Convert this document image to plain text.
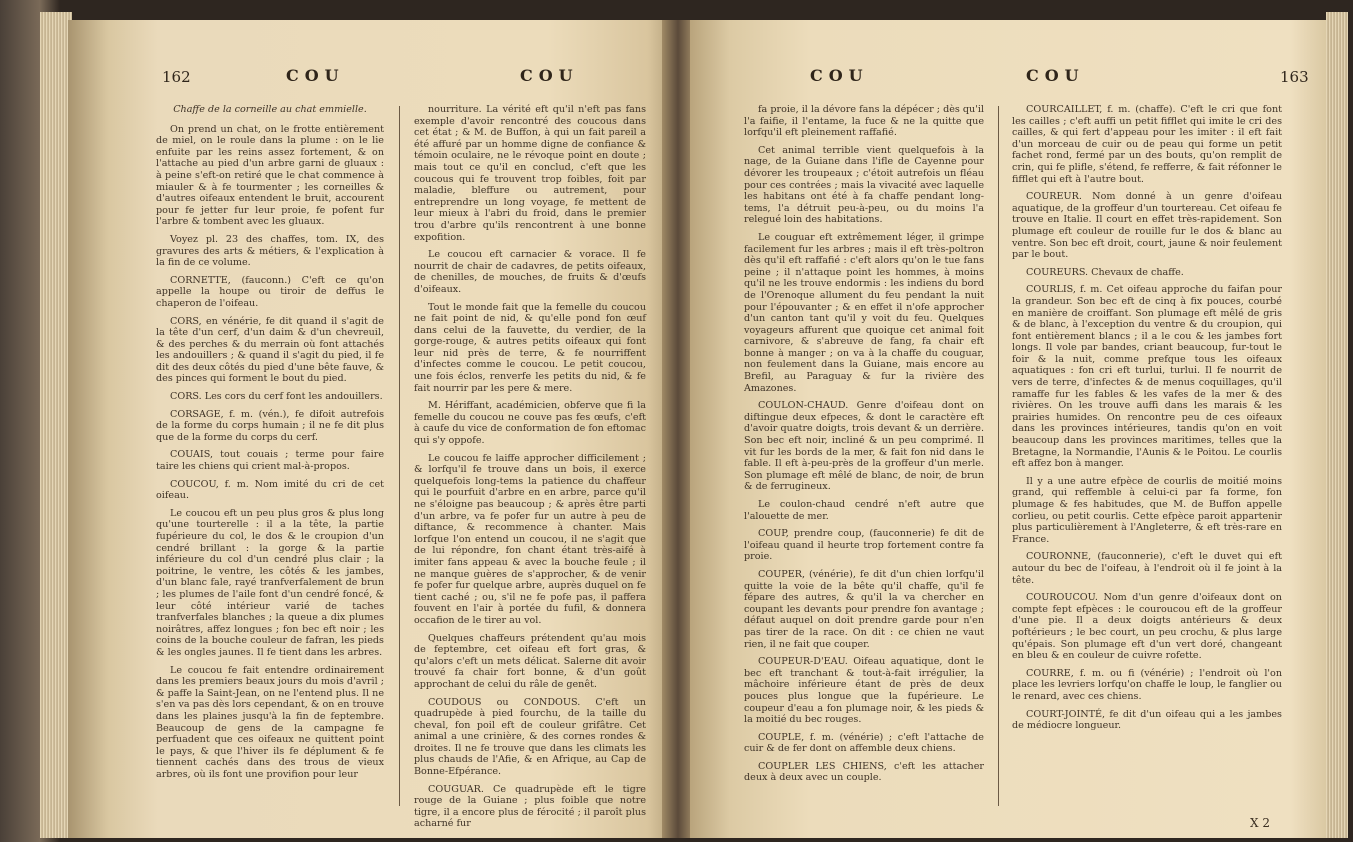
162	COU	COU

Chaffe de la corneille au chat emmielle.

On prend un chat, on le frotte entièrement de miel, on le roule dans la plume : on le lie enfuite par les reins assez fortement, & on l'attache au pied d'un arbre garni de gluaux : à peine s'eft-on retiré que le chat commence à miauler & à fe tourmenter ; les corneilles & d'autres oifeaux entendent le bruit, accourent pour fe jetter fur leur proie, fe pofent fur l'arbre & tombent avec les gluaux.

Voyez pl. 23 des chaffes, tom. IX, des gravures des arts & métiers, & l'explication à la fin de ce volume.

CORNETTE, (fauconn.) C'eft ce qu'on appelle la houpe ou tiroir de deffus le chaperon de l'oifeau.

CORS, en vénérie, fe dit quand il s'agit de la tête d'un cerf, d'un daim & d'un chevreuil, & des perches & du merrain où font attachés les andouillers ; & quand il s'agit du pied, il fe dit des deux côtés du pied d'une bête fauve, & des pinces qui forment le bout du pied.

CORS. Les cors du cerf font les andouillers.

CORSAGE, f. m. (vén.), fe difoit autrefois de la forme du corps humain ; il ne fe dit plus que de la forme du corps du cerf.

COUAIS, tout couais ; terme pour faire taire les chiens qui crient mal-à-propos.

COUCOU, f. m. Nom imité du cri de cet oifeau.

Le coucou eft un peu plus gros & plus long qu'une tourterelle : il a la tête, la partie fupérieure du col, le dos & le croupion d'un cendré brillant : la gorge & la partie inférieure du col d'un cendré plus clair ; la poitrine, le ventre, les côtés & les jambes, d'un blanc fale, rayé tranfverfalement de brun ; les plumes de l'aile font d'un cendré foncé, & leur côté intérieur varié de taches tranfverfales blanches ; la queue a dix plumes noirâtres, affez longues ; fon bec eft noir ; les coins de la bouche couleur de fafran, les pieds & les ongles jaunes. Il fe tient dans les arbres.

Le coucou fe fait entendre ordinairement dans les premiers beaux jours du mois d'avril ; & paffe la Saint-Jean, on ne l'entend plus. Il ne s'en va pas dès lors cependant, & on en trouve dans les plaines jusqu'à la fin de feptembre. Beaucoup de gens de la campagne fe perfuadent que ces oifeaux ne quittent point le pays, & que l'hiver ils fe déplument & fe tiennent cachés dans des trous de vieux arbres, où ils font une provifion pour leur

nourriture. La vérité eft qu'il n'eft pas fans exemple d'avoir rencontré des coucous dans cet état ; & M. de Buffon, à qui un fait pareil a été affuré par un homme digne de confiance & témoin oculaire, ne le révoque point en doute ; mais tout ce qu'il en conclud, c'eft que les coucous qui fe trouvent trop foibles, foit par maladie, bleffure ou autrement, pour entreprendre un long voyage, fe mettent de leur mieux à l'abri du froid, dans le premier trou d'arbre qu'ils rencontrent à une bonne expofition.

Le coucou eft carnacier & vorace. Il fe nourrit de chair de cadavres, de petits oifeaux, de chenilles, de mouches, de fruits & d'œufs d'oifeaux.

Tout le monde fait que la femelle du coucou ne fait point de nid, & qu'elle pond fon œuf dans celui de la fauvette, du verdier, de la gorge-rouge, & autres petits oifeaux qui font leur nid près de terre, & fe nourriffent d'infectes comme le coucou. Le petit coucou, une fois éclos, renverfe les petits du nid, & fe fait nourrir par les pere & mere.

M. Hériffant, académicien, obferve que fi la femelle du coucou ne couve pas fes œufs, c'eft à caufe du vice de conformation de fon eftomac qui s'y oppofe.

Le coucou fe laiffe approcher difficilement ; & lorfqu'il fe trouve dans un bois, il exerce quelquefois long-tems la patience du chaffeur qui le pourfuit d'arbre en en arbre, parce qu'il ne s'éloigne pas beaucoup ; & après être parti d'un arbre, va fe pofer fur un autre à peu de diftance, & recommence à chanter. Mais lorfque l'on entend un coucou, il ne s'agit que de lui répondre, fon chant étant très-aifé à imiter fans appeau & avec la bouche feule ; il ne manque guères de s'approcher, & de venir fe pofer fur quelque arbre, auprès duquel on fe tient caché ; ou, s'il ne fe pofe pas, il paffera fouvent en l'air à portée du fufil, & donnera occafion de le tirer au vol.

Quelques chaffeurs prétendent qu'au mois de feptembre, cet oifeau eft fort gras, & qu'alors c'eft un mets délicat. Salerne dit avoir trouvé fa chair fort bonne, & d'un goût approchant de celui du râle de genêt.

COUDOUS ou CONDOUS. C'eft un quadrupède à pied fourchu, de la taille du cheval, fon poil eft de couleur grifâtre. Cet animal a une crinière, & des cornes rondes & droites. Il ne fe trouve que dans les climats les plus chauds de l'Afie, & en Afrique, au Cap de Bonne-Efpérance.

COUGUAR. Ce quadrupède eft le tigre rouge de la Guiane ; plus foible que notre tigre, il a encore plus de férocité ; il paroît plus acharné fur

COU	COU	163

fa proie, il la dévore fans la dépécer ; dès qu'il l'a faifie, il l'entame, la fuce & ne la quitte que lorfqu'il eft pleinement raffafié.

Cet animal terrible vient quelquefois à la nage, de la Guiane dans l'ifle de Cayenne pour dévorer les troupeaux ; c'étoit autrefois un fléau pour ces contrées ; mais la vivacité avec laquelle les habitans ont été à fa chaffe pendant long-tems, l'a détruit peu-à-peu, ou du moins l'a relegué loin des habitations.

Le couguar eft extrêmement léger, il grimpe facilement fur les arbres ; mais il eft très-poltron dès qu'il eft raffafié : c'eft alors qu'on le tue fans peine ; il n'attaque point les hommes, à moins qu'il ne les trouve endormis : les indiens du bord de l'Orenoque allument du feu pendant la nuit pour l'épouvanter ; & en effet il n'ofe approcher d'un canton tant qu'il y voit du feu. Quelques voyageurs affurent que quoique cet animal foit carnivore, & s'abreuve de fang, fa chair eft bonne à manger ; on va à la chaffe du couguar, non feulement dans la Guiane, mais encore au Brefil, au Paraguay & fur la rivière des Amazones.

COULON-CHAUD. Genre d'oifeau dont on diftingue deux efpeces, & dont le caractère eft d'avoir quatre doigts, trois devant & un derrière. Son bec eft noir, incliné & un peu comprimé. Il vit fur les bords de la mer, & fait fon nid dans le fable. Il eft à-peu-près de la groffeur d'un merle. Son plumage eft mêlé de blanc, de noir, de brun & de ferrugineux.

Le coulon-chaud cendré n'eft autre que l'alouette de mer.

COUP, prendre coup, (fauconnerie) fe dit de l'oifeau quand il heurte trop fortement contre fa proie.

COUPER, (vénérie), fe dit d'un chien lorfqu'il quitte la voie de la bête qu'il chaffe, qu'il fe fépare des autres, & qu'il la va chercher en coupant les devants pour prendre fon avantage ; défaut auquel on doit prendre garde pour n'en pas tirer de la race. On dit : ce chien ne vaut rien, il ne fait que couper.

COUPEUR-D'EAU. Oifeau aquatique, dont le bec eft tranchant & tout-à-fait irrégulier, la mâchoire inférieure étant de près de deux pouces plus longue que la fupérieure. Le coupeur d'eau a fon plumage noir, & les pieds & la moitié du bec rouges.

COUPLE, f. m. (vénérie) ; c'eft l'attache de cuir & de fer dont on affemble deux chiens.

COUPLER LES CHIENS, c'eft les attacher deux à deux avec un couple.

COURCAILLET, f. m. (chaffe). C'eft le cri que font les cailles ; c'eft auffi un petit fifflet qui imite le cri des cailles, & qui fert d'appeau pour les imiter : il eft fait d'un morceau de cuir ou de peau qui forme un petit fachet rond, fermé par un des bouts, qu'on remplit de crin, qui fe plifle, s'étend, fe refferre, & fait réfonner le fifflet qui eft à l'autre bout.

COUREUR. Nom donné à un genre d'oifeau aquatique, de la groffeur d'un tourtereau. Cet oifeau fe trouve en Italie. Il court en effet très-rapidement. Son plumage eft couleur de rouille fur le dos & blanc au ventre. Son bec eft droit, court, jaune & noir feulement par le bout.

COUREURS. Chevaux de chaffe.

COURLIS, f. m. Cet oifeau approche du faifan pour la grandeur. Son bec eft de cinq à fix pouces, courbé en manière de croiffant. Son plumage eft mêlé de gris & de blanc, à l'exception du ventre & du croupion, qui font entièrement blancs ; il a le cou & les jambes fort longs. Il vole par bandes, criant beaucoup, fur-tout le foir & la nuit, comme prefque tous les oifeaux aquatiques : fon cri eft turlui, turlui. Il fe nourrit de vers de terre, d'infectes & de menus coquillages, qu'il ramaffe fur les fables & les vafes de la mer & des rivières. On les trouve auffi dans les marais & les prairies humides. On rencontre peu de ces oifeaux dans les provinces intérieures, tandis qu'on en voit beaucoup dans les provinces maritimes, telles que la Bretagne, la Normandie, l'Aunis & le Poitou. Le courlis eft affez bon à manger.

Il y a une autre efpèce de courlis de moitié moins grand, qui reffemble à celui-ci par fa forme, fon plumage & fes habitudes, que M. de Buffon appelle corlieu, ou petit courlis. Cette efpèce paroit appartenir plus particulièrement à l'Angleterre, & eft très-rare en France.

COURONNE, (fauconnerie), c'eft le duvet qui eft autour du bec de l'oifeau, à l'endroit où il fe joint à la tête.

COUROUCOU. Nom d'un genre d'oifeaux dont on compte fept efpèces : le couroucou eft de la groffeur d'une pie. Il a deux doigts antérieurs & deux poftérieurs ; le bec court, un peu crochu, & plus large qu'épais. Son plumage eft d'un vert doré, changeant en bleu & en couleur de cuivre rofette.

COURRE, f. m. ou fi (vénérie) ; l'endroit où l'on place les levriers lorfqu'on chaffe le loup, le fanglier ou le renard, avec ces chiens.

COURT-JOINTÉ, fe dit d'un oifeau qui a les jambes de médiocre longueur.

X 2
